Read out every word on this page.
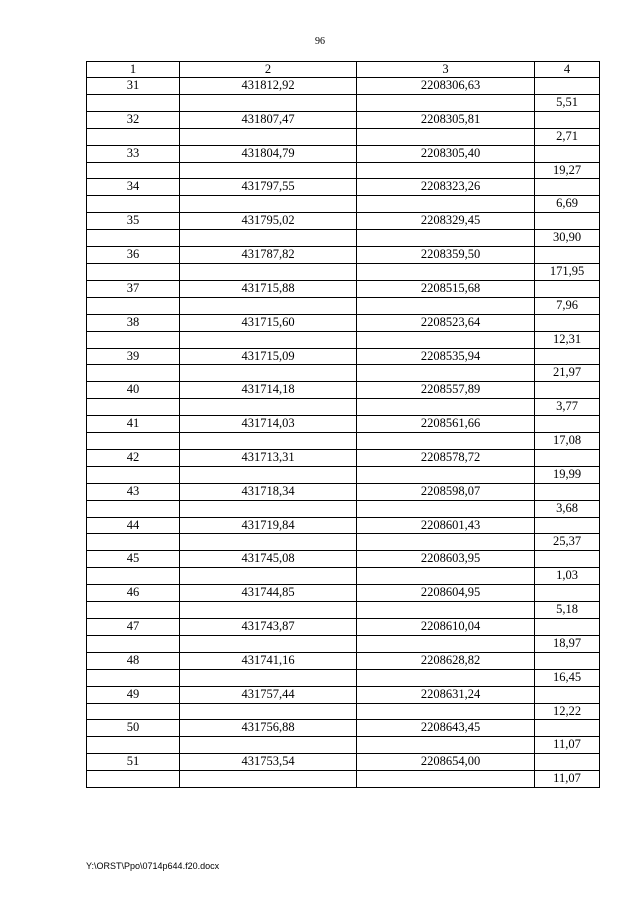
96
1	2	3	4
31	431812,92	2208306,63	
			5,51
32	431807,47	2208305,81	
			2,71
33	431804,79	2208305,40	
			19,27
34	431797,55	2208323,26	
			6,69
35	431795,02	2208329,45	
			30,90
36	431787,82	2208359,50	
			171,95
37	431715,88	2208515,68	
			7,96
38	431715,60	2208523,64	
			12,31
39	431715,09	2208535,94	
			21,97
40	431714,18	2208557,89	
			3,77
41	431714,03	2208561,66	
			17,08
42	431713,31	2208578,72	
			19,99
43	431718,34	2208598,07	
			3,68
44	431719,84	2208601,43	
			25,37
45	431745,08	2208603,95	
			1,03
46	431744,85	2208604,95	
			5,18
47	431743,87	2208610,04	
			18,97
48	431741,16	2208628,82	
			16,45
49	431757,44	2208631,24	
			12,22
50	431756,88	2208643,45	
			11,07
51	431753,54	2208654,00	
			11,07
Y:\ORST\Ppo\0714p644.f20.docx
